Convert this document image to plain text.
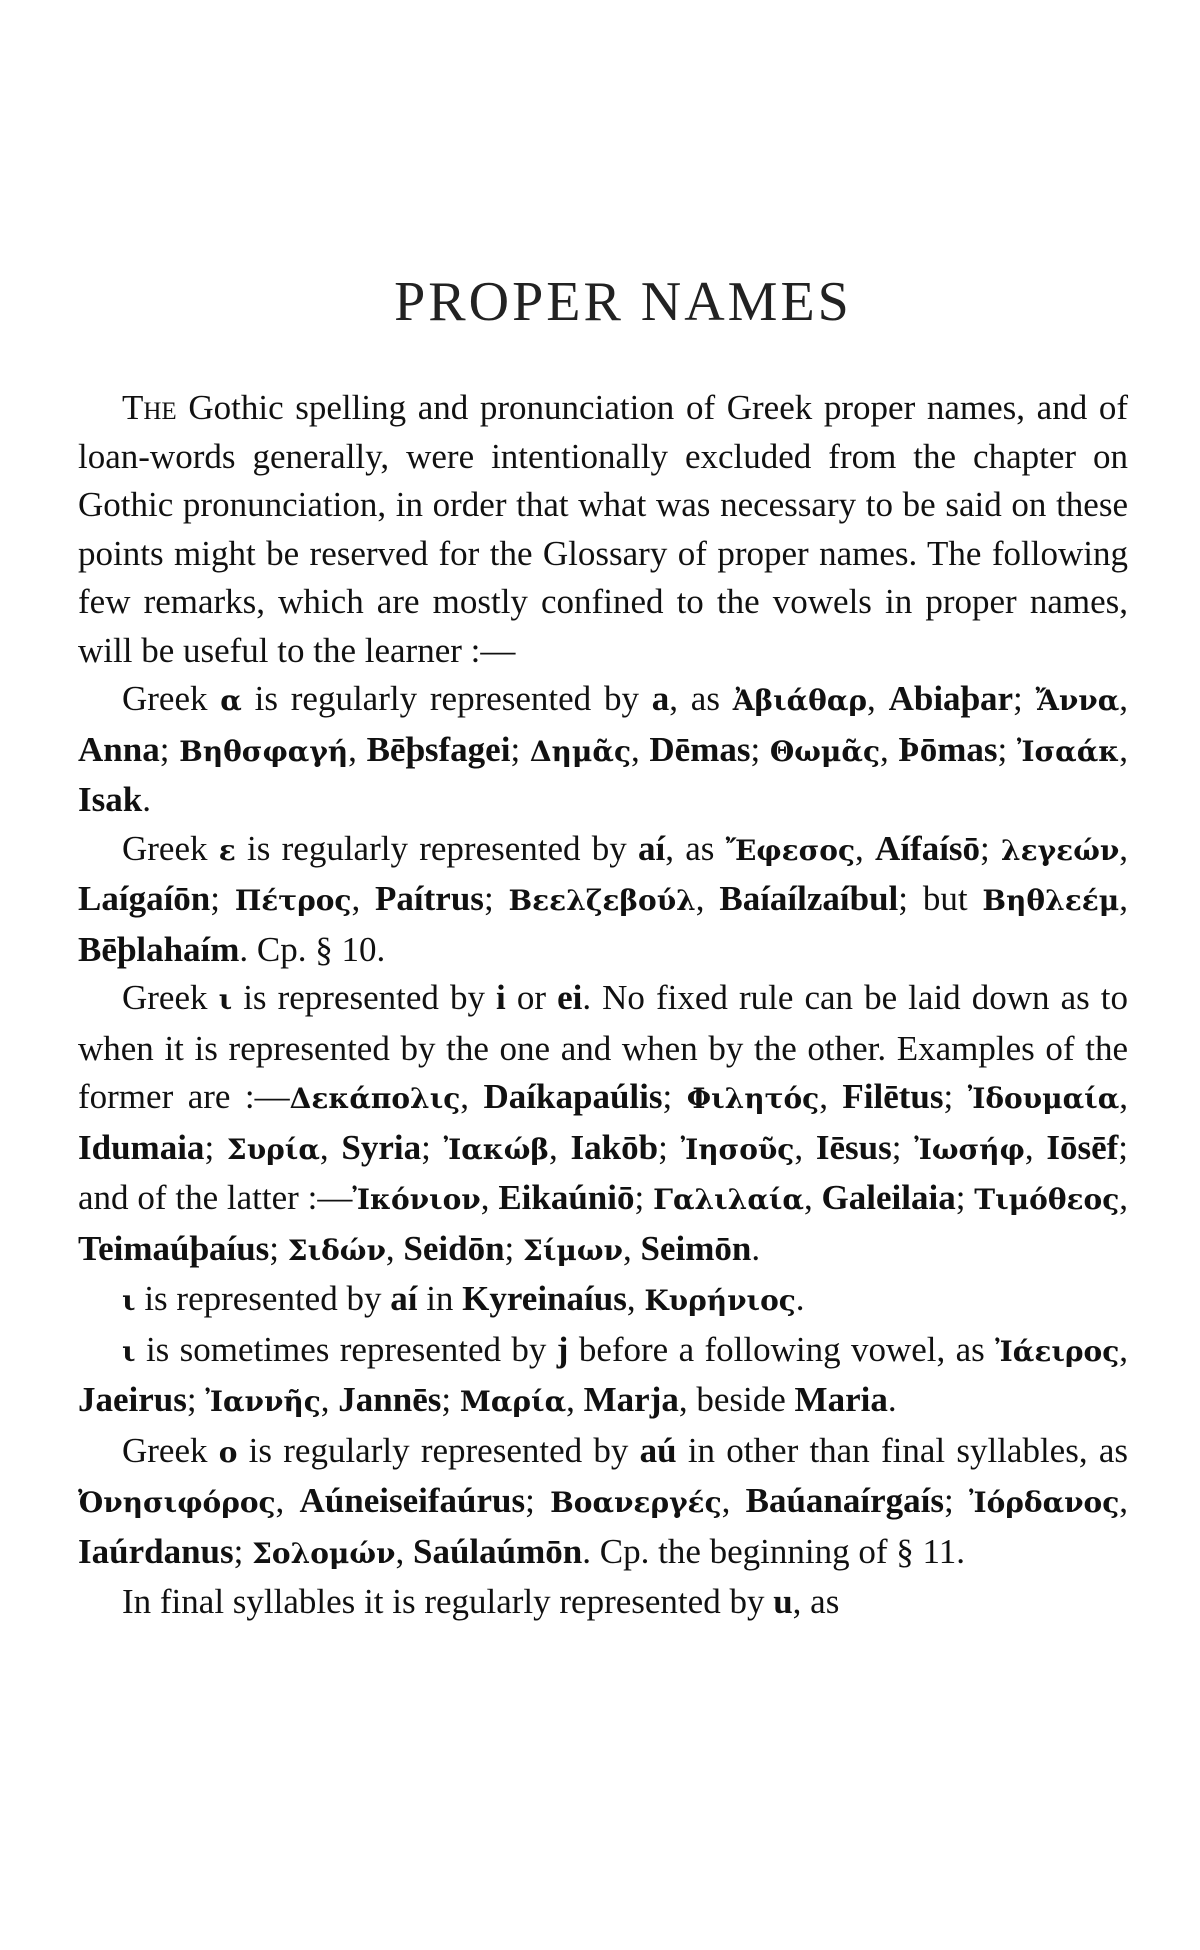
PROPER NAMES

The Gothic spelling and pronunciation of Greek proper names, and of loan-words generally, were intentionally excluded from the chapter on Gothic pronunciation, in order that what was necessary to be said on these points might be reserved for the Glossary of proper names. The following few remarks, which are mostly confined to the vowels in proper names, will be useful to the learner :—

Greek α is regularly represented by a, as Ἀβιάθαρ, Abiaþar; Ἄννα, Anna; Βηθσφαγή, Bēþsfagei; Δημᾶς, Dēmas; Θωμᾶς, Þōmas; Ἰσαάκ, Isak.

Greek ε is regularly represented by aí, as Ἔφεσος, Aífaísō; λεγεών, Laígaíōn; Πέτρος, Paítrus; Βεελζεβούλ, Baíaílzaíbul; but Βηθλεέμ, Bēþlahaím. Cp. § 10.

Greek ι is represented by i or ei. No fixed rule can be laid down as to when it is represented by the one and when by the other. Examples of the former are :—Δεκάπολις, Daíkapaúlis; Φιλητός, Filētus; Ἰδουμαία, Idumaia; Συρία, Syria; Ἰακώβ, Iakōb; Ἰησοῦς, Iēsus; Ἰωσήφ, Iōsēf; and of the latter :—Ἰκόνιον, Eikaúniō; Γαλιλαία, Galeilaia; Τιμόθεος, Teimaúþaíus; Σιδών, Seidōn; Σίμων, Seimōn.

ι is represented by aí in Kyreinaíus, Κυρήνιος.

ι is sometimes represented by j before a following vowel, as Ἰάειρος, Jaeirus; Ἰαννῆς, Jannēs; Μαρία, Marja, beside Maria.

Greek ο is regularly represented by aú in other than final syllables, as Ὀνησιφόρος, Aúneiseifaúrus; Βοανεργές, Baúanaírgaís; Ἰόρδανος, Iaúrdanus; Σολομών, Saúlaúmōn. Cp. the beginning of § 11.

In final syllables it is regularly represented by u, as
